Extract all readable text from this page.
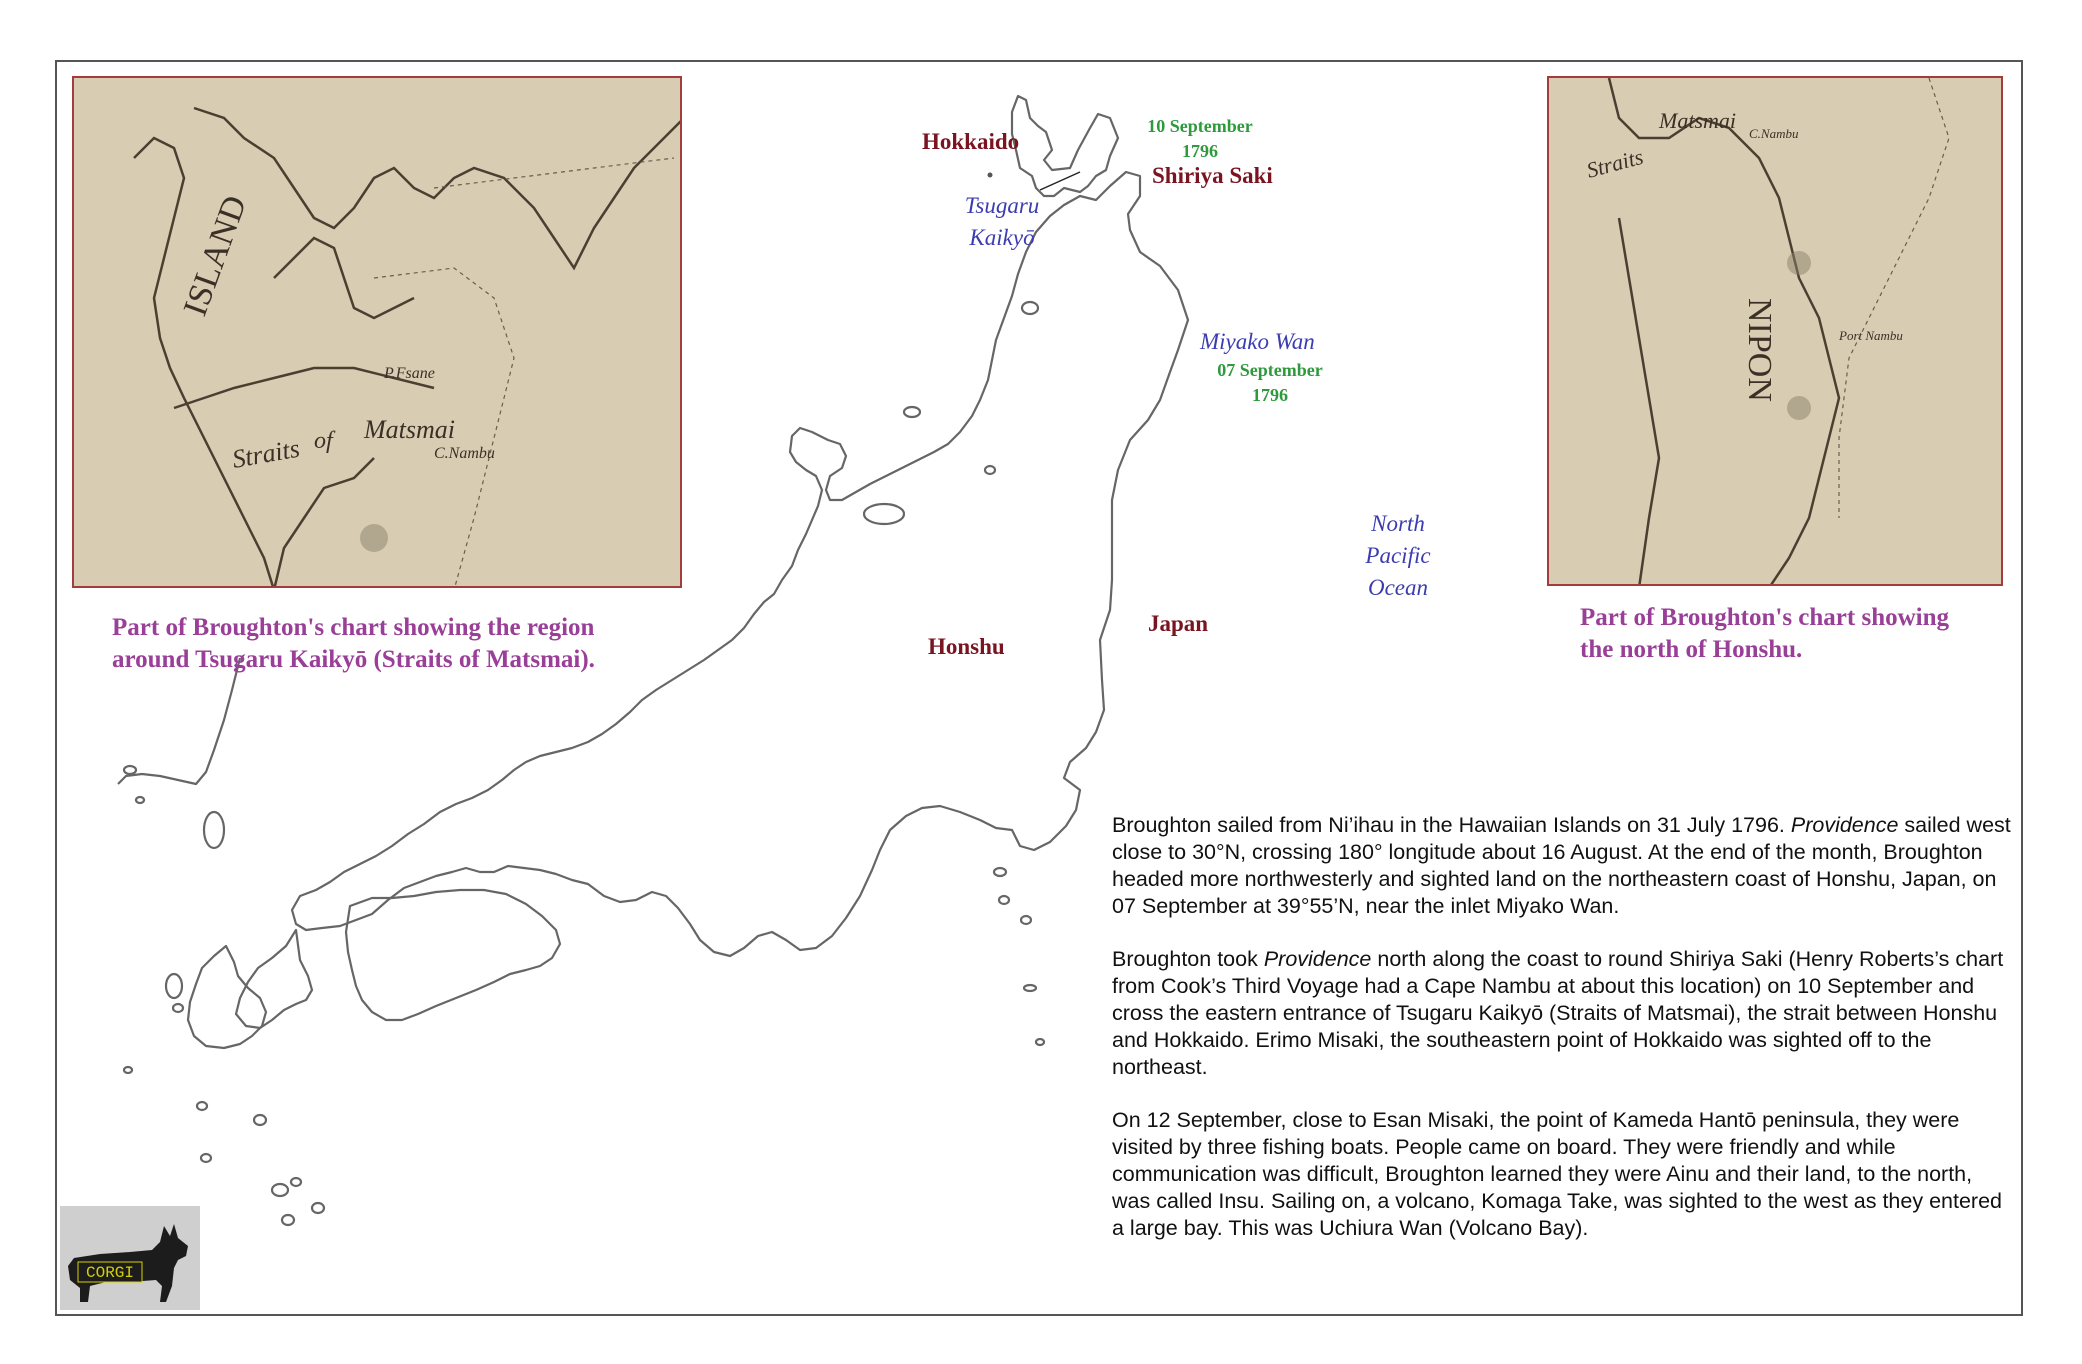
ISLAND
Straits of Matsmai
P.Fsane
C.Nambu
Part of Broughton's chart showing the region
around Tsugaru Kaikyō (Straits of Matsmai).
Matsmai
Straits
C.Nambu
Port Nambu
NIPON
Part of Broughton's chart showing
the north of Honshu.
Hokkaido
10 September
1796
Shiriya Saki
Tsugaru
Kaikyō
Miyako Wan
07 September
1796
North
Pacific
Ocean
Honshu
Japan

Broughton sailed from Ni’ihau in the Hawaiian Islands on 31 July 1796. Providence sailed west close to 30°N, crossing 180° longitude about 16 August. At the end of the month, Broughton headed more northwesterly and sighted land on the northeastern coast of Honshu, Japan, on 07 September at 39°55’N, near the inlet Miyako Wan.

Broughton took Providence north along the coast to round Shiriya Saki (Henry Roberts’s chart from Cook’s Third Voyage had a Cape Nambu at about this location) on 10 September and cross the eastern entrance of Tsugaru Kaikyō (Straits of Matsmai), the strait between Honshu and Hokkaido. Erimo Misaki, the southeastern point of Hokkaido was sighted off to the northeast.

On 12 September, close to Esan Misaki, the point of Kameda Hantō peninsula, they were visited by three fishing boats. People came on board. They were friendly and while communication was difficult, Broughton learned they were Ainu and their land, to the north, was called Insu. Sailing on, a volcano, Komaga Take, was sighted to the west as they entered a large bay. This was Uchiura Wan (Volcano Bay).

CORGI
